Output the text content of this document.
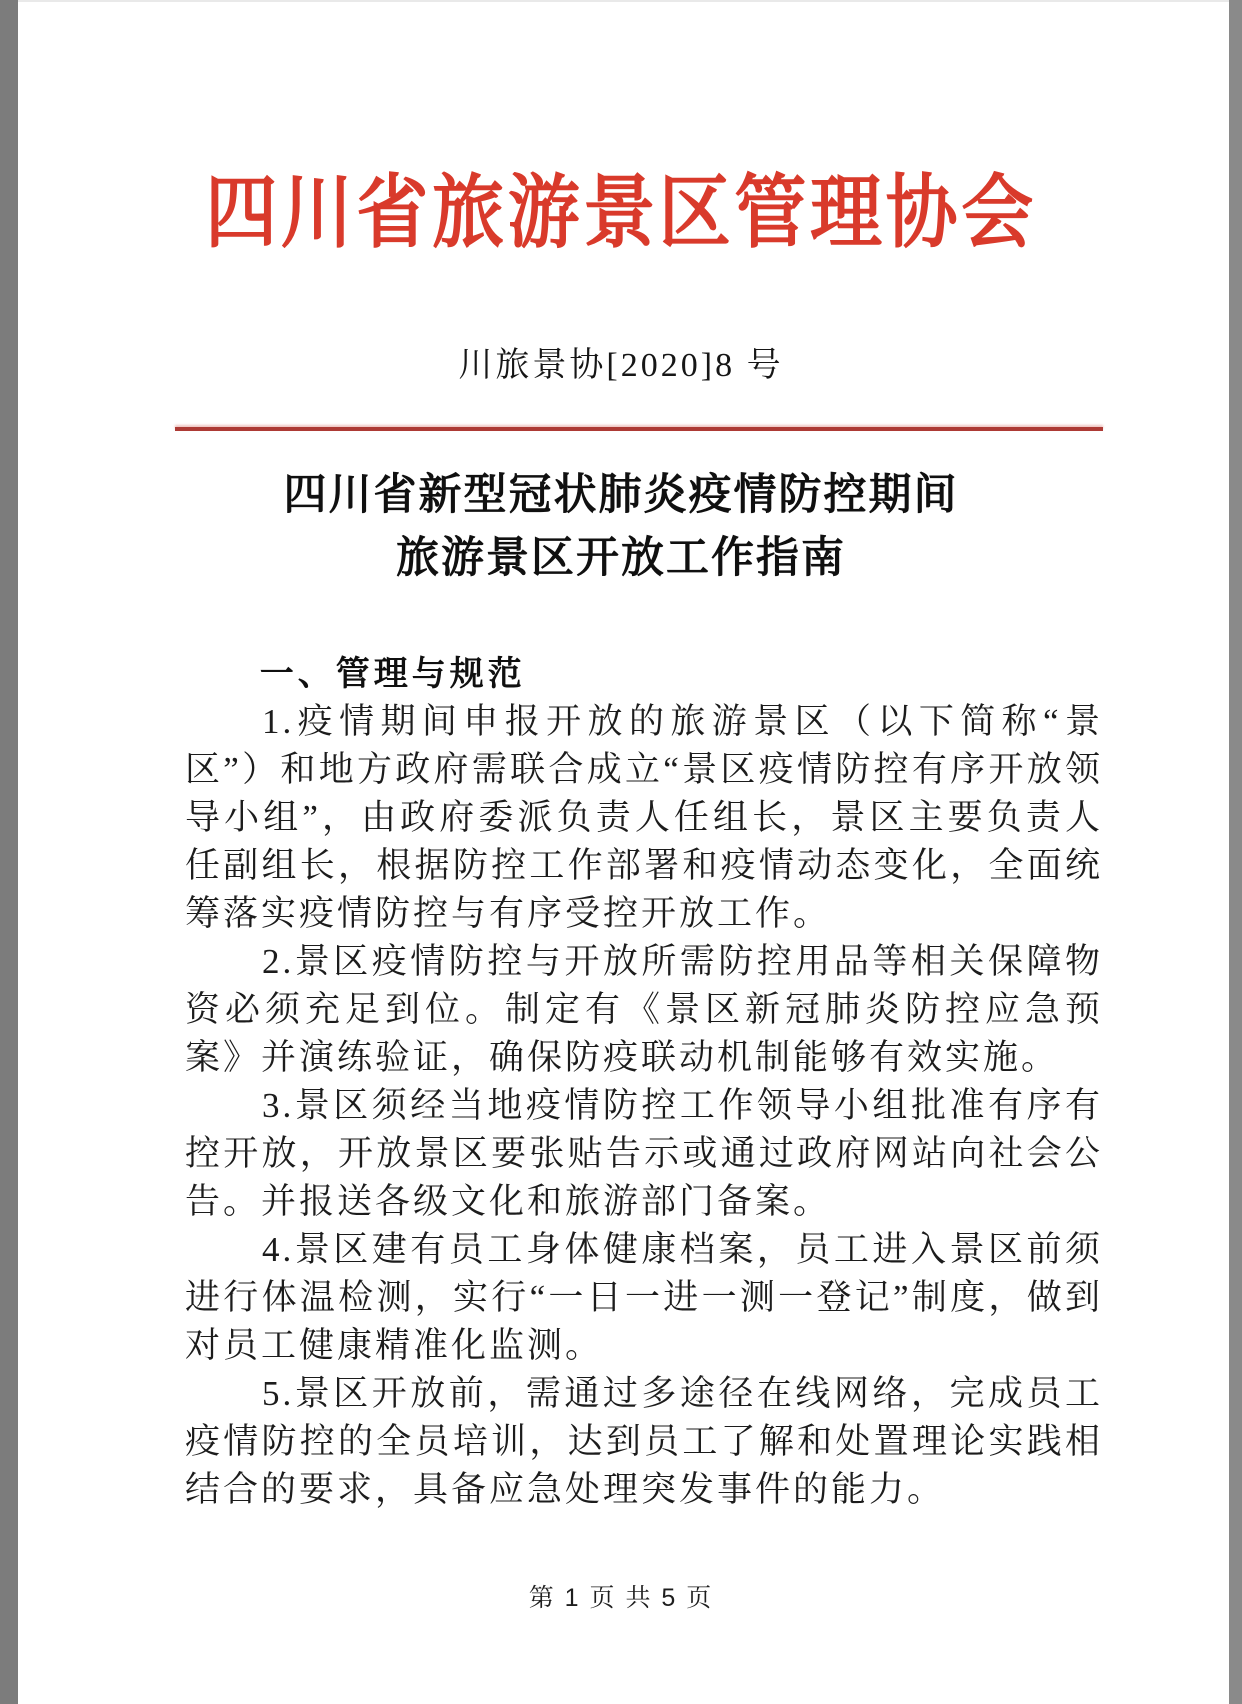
四川省旅游景区管理协会
川旅景协[2020]8 号
四川省新型冠状肺炎疫情防控期间
旅游景区开放工作指南
一、管理与规范

1.疫情期间申报开放的旅游景区（以下简称“景区”）和地方政府需联合成立“景区疫情防控有序开放领导小组”，由政府委派负责人任组长，景区主要负责人任副组长，根据防控工作部署和疫情动态变化，全面统筹落实疫情防控与有序受控开放工作。

2.景区疫情防控与开放所需防控用品等相关保障物资必须充足到位。制定有《景区新冠肺炎防控应急预案》并演练验证，确保防疫联动机制能够有效实施。

3.景区须经当地疫情防控工作领导小组批准有序有控开放，开放景区要张贴告示或通过政府网站向社会公告。并报送各级文化和旅游部门备案。

4.景区建有员工身体健康档案，员工进入景区前须进行体温检测，实行“一日一进一测一登记”制度，做到对员工健康精准化监测。

5.景区开放前，需通过多途径在线网络，完成员工疫情防控的全员培训，达到员工了解和处置理论实践相结合的要求，具备应急处理突发事件的能力。

第 1 页 共 5 页
